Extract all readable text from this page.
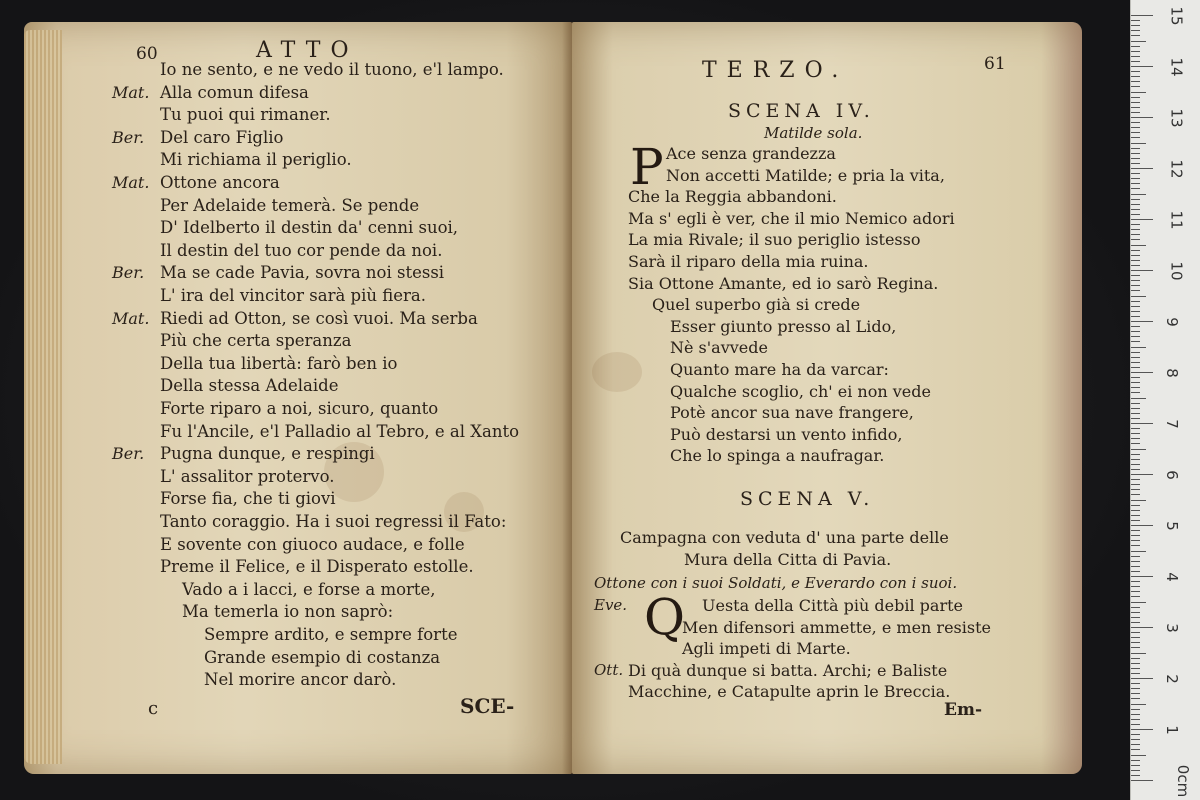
60	ATTO
Io ne sento, e ne vedo il tuono, e'l lampo.
Mat. Alla comun difesa
Tu puoi qui rimaner.
Ber. Del caro Figlio
Mi richiama il periglio.
Mat. Ottone ancora
Per Adelaide temerà. Se pende
D' Idelberto il destin da' cenni suoi,
Il destin del tuo cor pende da noi.
Ber. Ma se cade Pavia, sovra noi stessi
L' ira del vincitor sarà più fiera.
Mat. Riedi ad Otton, se così vuoi. Ma serba
Più che certa speranza
Della tua libertà: farò ben io
Della stessa Adelaide
Forte riparo a noi, sicuro, quanto
Fu l'Ancile, e'l Palladio al Tebro, e al Xanto
Ber. Pugna dunque, e respingi
L' assalitor protervo.
Forse fia, che ti giovi
Tanto coraggio. Ha i suoi regressi il Fato:
E sovente con giuoco audace, e folle
Preme il Felice, e il Disperato estolle.
Vado a i lacci, e forse a morte,
Ma temerla io non saprò:
Sempre ardito, e sempre forte
Grande esempio di costanza
Nel morire ancor darò.
c	SCE-
TERZO.	61
SCENA IV.
Matilde sola.
P Ace senza grandezza
Non accetti Matilde; e pria la vita,
Che la Reggia abbandoni.
Ma s' egli è ver, che il mio Nemico adori
La mia Rivale; il suo periglio istesso
Sarà il riparo della mia ruina.
Sia Ottone Amante, ed io sarò Regina.
Quel superbo già si crede
Esser giunto presso al Lido,
Nè s'avvede
Quanto mare ha da varcar:
Qualche scoglio, ch' ei non vede
Potè ancor sua nave frangere,
Può destarsi un vento infido,
Che lo spinga a naufragar.
SCENA V.
Campagna con veduta d' una parte delle
Mura della Citta di Pavia.
Ottone con i suoi Soldati, e Everardo con i suoi.
Q
Eve.	Uesta della Città più debil parte
Men difensori ammette, e men resiste
Agli impeti di Marte.
Ott. Di quà dunque si batta. Archi; e Baliste
Macchine, e Catapulte aprin le Breccia.
Em-
0cm
1
2
3
4
5
6
7
8
9
10
11
12
13
14
15
